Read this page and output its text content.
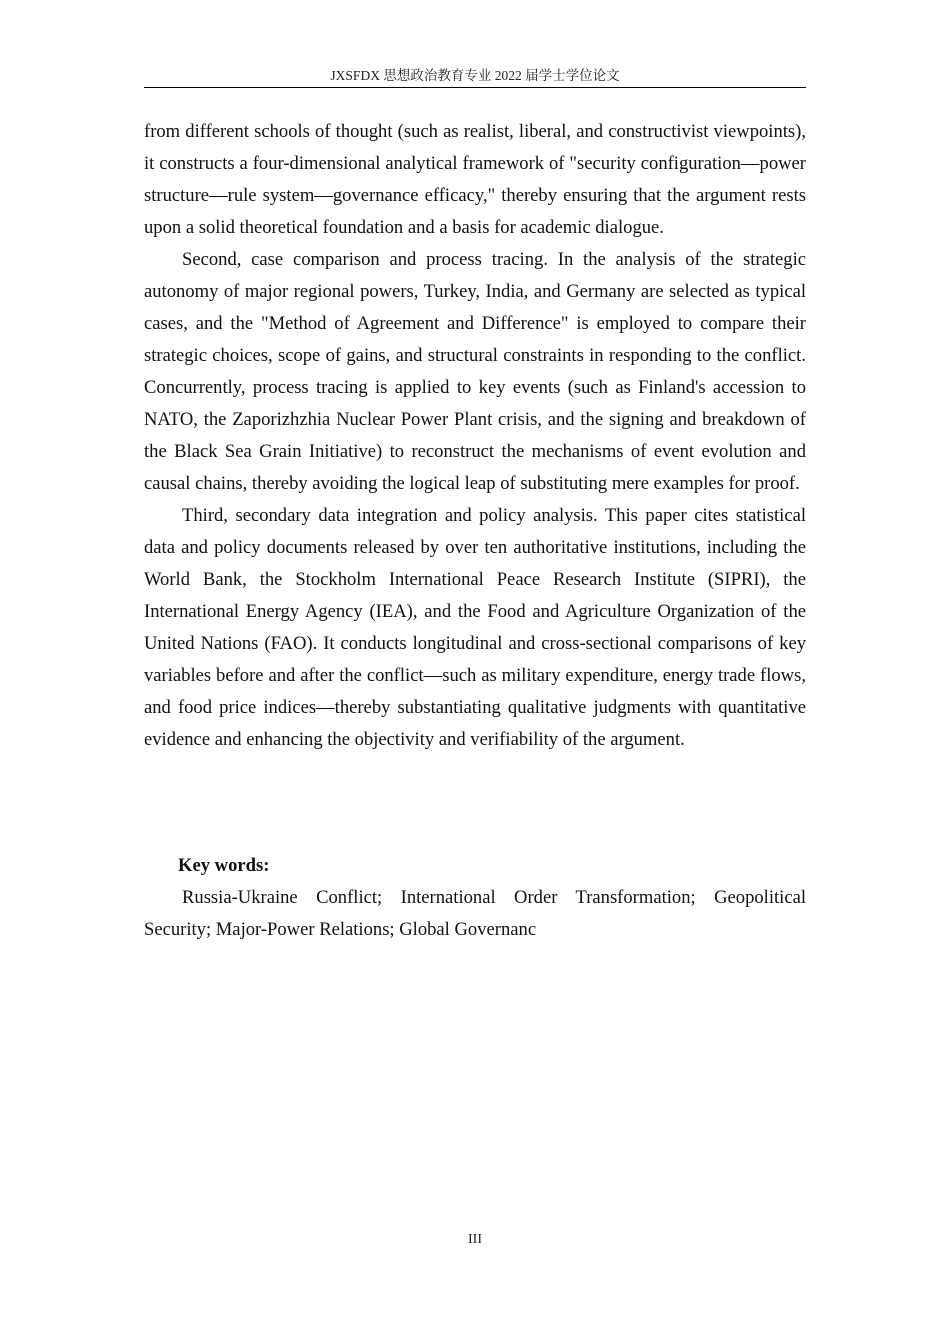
JXSFDX 思想政治教育专业 2022 届学士学位论文

from different schools of thought (such as realist, liberal, and constructivist viewpoints), it constructs a four-dimensional analytical framework of "security configuration—power structure—rule system—governance efficacy," thereby ensuring that the argument rests upon a solid theoretical foundation and a basis for academic dialogue.

Second, case comparison and process tracing. In the analysis of the strategic autonomy of major regional powers, Turkey, India, and Germany are selected as typical cases, and the "Method of Agreement and Difference" is employed to compare their strategic choices, scope of gains, and structural constraints in responding to the conflict. Concurrently, process tracing is applied to key events (such as Finland's accession to NATO, the Zaporizhzhia Nuclear Power Plant crisis, and the signing and breakdown of the Black Sea Grain Initiative) to reconstruct the mechanisms of event evolution and causal chains, thereby avoiding the logical leap of substituting mere examples for proof.

Third, secondary data integration and policy analysis. This paper cites statistical data and policy documents released by over ten authoritative institutions, including the World Bank, the Stockholm International Peace Research Institute (SIPRI), the International Energy Agency (IEA), and the Food and Agriculture Organization of the United Nations (FAO). It conducts longitudinal and cross-sectional comparisons of key variables before and after the conflict—such as military expenditure, energy trade flows, and food price indices—thereby substantiating qualitative judgments with quantitative evidence and enhancing the objectivity and verifiability of the argument.

Key words:

Russia-Ukraine Conflict; International Order Transformation; Geopolitical Security; Major-Power Relations; Global Governanc

III
